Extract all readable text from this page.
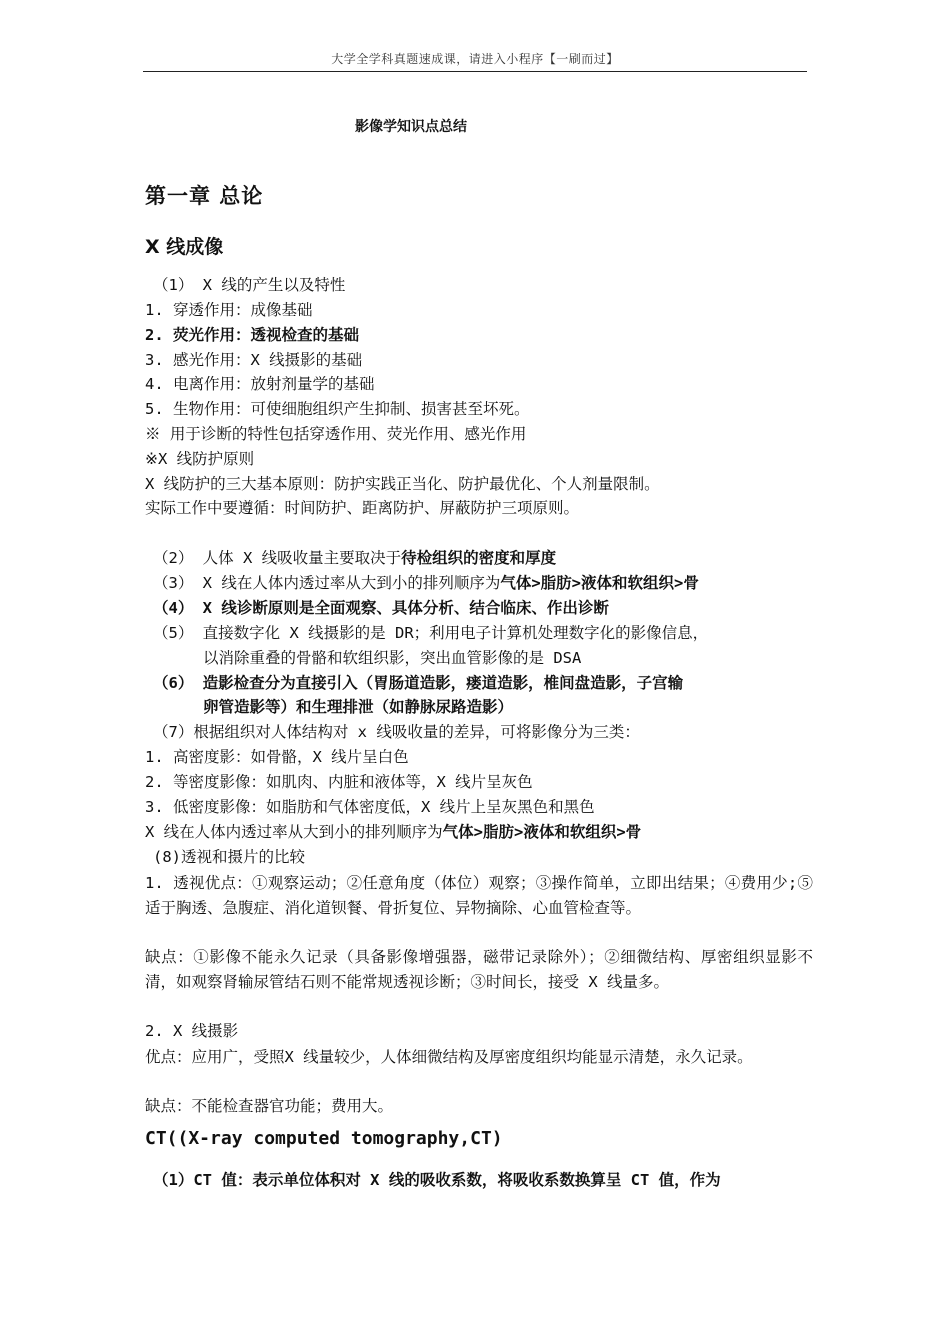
大学全学科真题速成课，请进入小程序【一刷而过】
影像学知识点总结
第一章 总论
X 线成像
（1） X 线的产生以及特性
1. 穿透作用：成像基础
2. 荧光作用：透视检查的基础
3. 感光作用：X 线摄影的基础
4. 电离作用：放射剂量学的基础
5. 生物作用：可使细胞组织产生抑制、损害甚至坏死。
※ 用于诊断的特性包括穿透作用、荧光作用、感光作用
※X 线防护原则
X 线防护的三大基本原则：防护实践正当化、防护最优化、个人剂量限制。
实际工作中要遵循：时间防护、距离防护、屏蔽防护三项原则。
（2） 人体 X 线吸收量主要取决于待检组织的密度和厚度
（3） X 线在人体内透过率从大到小的排列顺序为气体>脂肪>液体和软组织>骨
（4） X 线诊断原则是全面观察、具体分析、结合临床、作出诊断
（5） 直接数字化 X 线摄影的是 DR；利用电子计算机处理数字化的影像信息，
以消除重叠的骨骼和软组织影，突出血管影像的是 DSA
（6） 造影检查分为直接引入（胃肠道造影，瘘道造影，椎间盘造影，子宫输
卵管造影等）和生理排泄（如静脉尿路造影）
（7）根据组织对人体结构对 x 线吸收量的差异，可将影像分为三类：
1. 高密度影：如骨骼，X 线片呈白色
2. 等密度影像：如肌肉、内脏和液体等，X 线片呈灰色
3. 低密度影像：如脂肪和气体密度低，X 线片上呈灰黑色和黑色
X 线在人体内透过率从大到小的排列顺序为气体>脂肪>液体和软组织>骨
(8)透视和摄片的比较
1. 透视优点：①观察运动；②任意角度（体位）观察；③操作简单，立即出结果；④费用少;⑤适于胸透、急腹症、消化道钡餐、骨折复位、异物摘除、心血管检查等。
缺点：①影像不能永久记录（具备影像增强器，磁带记录除外）；②细微结构、厚密组织显影不清，如观察肾输尿管结石则不能常规透视诊断；③时间长，接受 X 线量多。
2. X 线摄影
优点：应用广，受照X 线量较少，人体细微结构及厚密度组织均能显示清楚，永久记录。
缺点：不能检查器官功能；费用大。
CT((X-ray computed tomography,CT)
（1）CT 值：表示单位体积对 X 线的吸收系数，将吸收系数换算呈 CT 值，作为
